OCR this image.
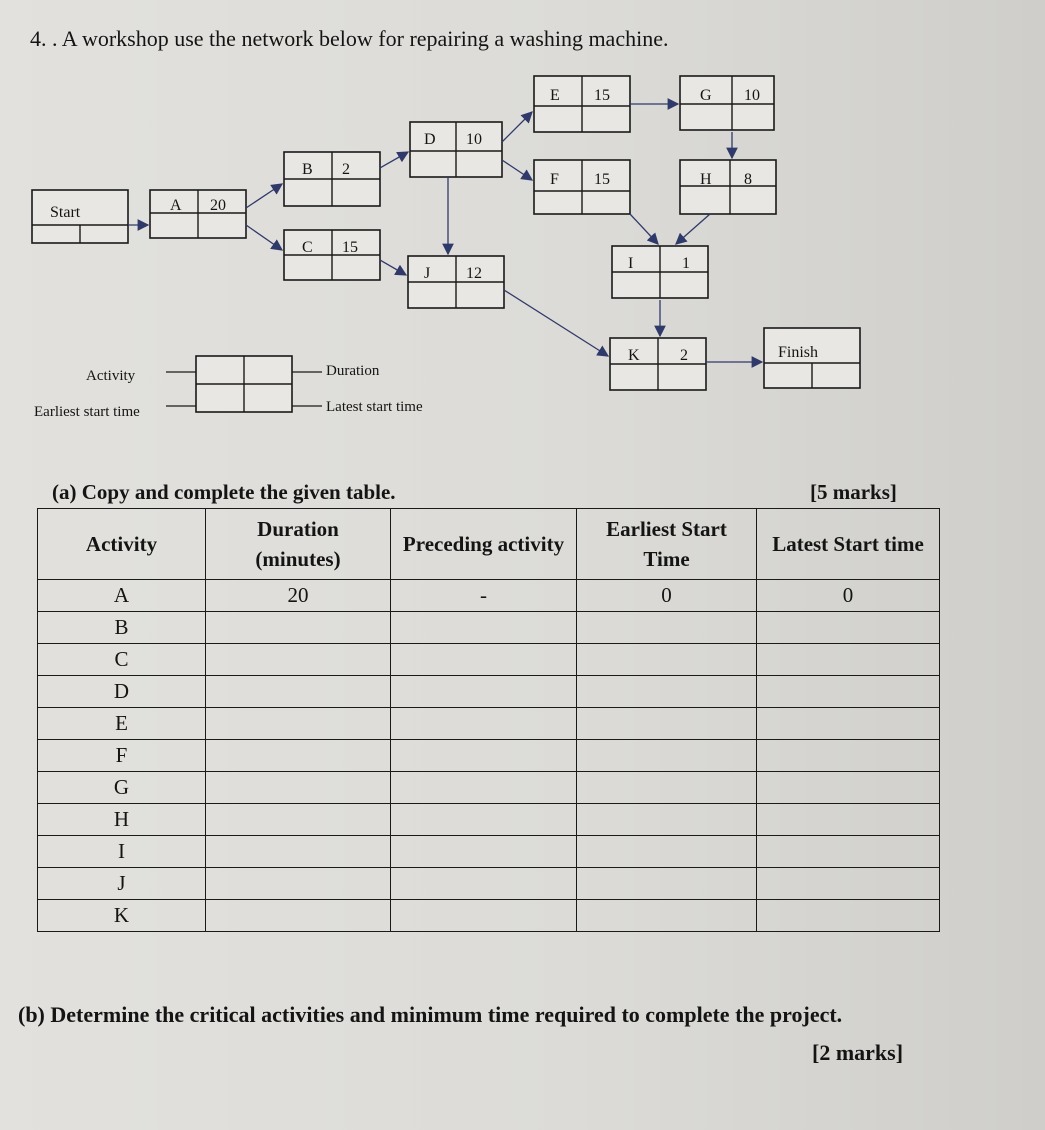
4. . A workshop use the network below for repairing a washing machine.
Start
Finish
A 20
B 2
C 15
D 10
E 15
F 15
G 10
H 8
I	1
J 12
K	2
Activity	Duration
Earliest start time	Latest start time
(a) Copy and complete the given table.	[5 marks]
Activity	Duration (minutes)	Preceding activity	Earliest Start Time	Latest Start time
A	20	-	0	0
B				
C				
D				
E				
F				
G				
H				
I				
J				
K				
(b) Determine the critical activities and minimum time required to complete the project.
[2 marks]
